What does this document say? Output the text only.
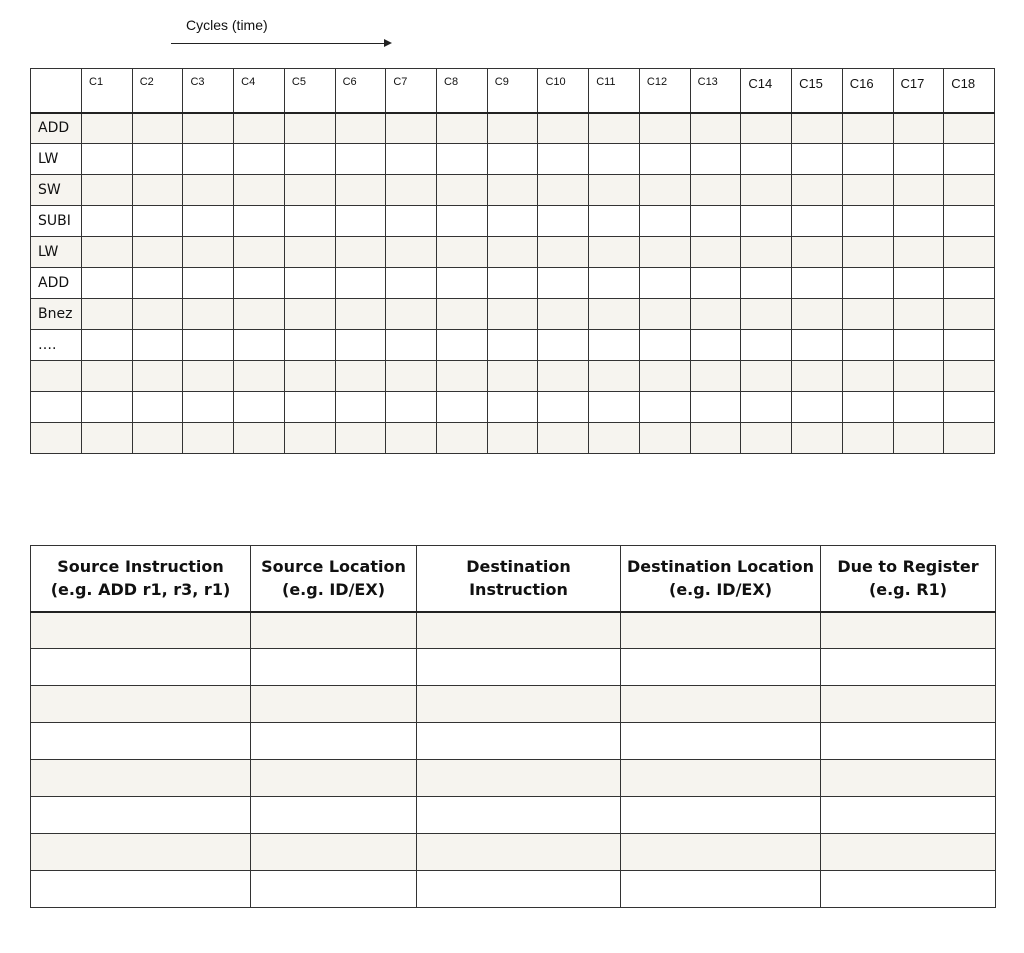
Cycles (time)
	C1	C2	C3	C4	C5	C6	C7	C8	C9	C10	C11	C12	C13	C14	C15	C16	C17	C18
ADD																		
LW																		
SW																		
SUBI																		
LW																		
ADD																		
Bnez																		
….																		

Source Instruction
(e.g. ADD r1, r3, r1)	Source Location
(e.g. ID/EX)	Destination
Instruction	Destination Location
(e.g. ID/EX)	Due to Register
(e.g. R1)
